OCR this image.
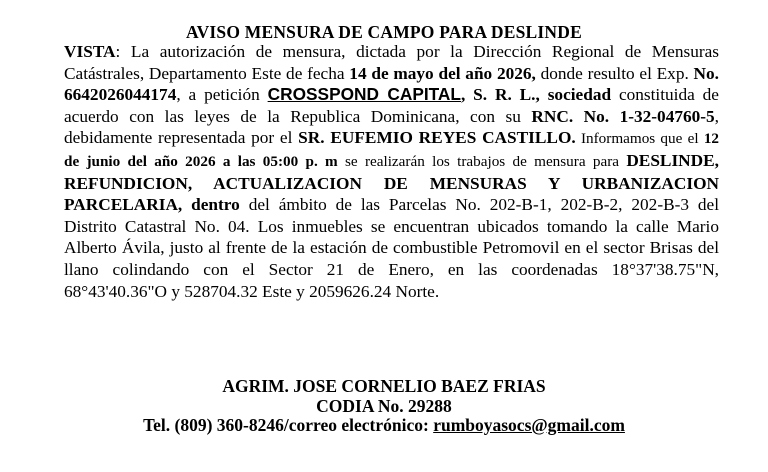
AVISO MENSURA DE CAMPO PARA DESLINDE
VISTA: La autorización de mensura, dictada por la Dirección Regional de Mensuras Catástrales, Departamento Este de fecha 14 de mayo del año 2026, donde resulto el Exp. No. 6642026044174, a petición CROSSPOND CAPITAL, S. R. L., sociedad constituida de acuerdo con las leyes de la Republica Dominicana, con su RNC. No. 1-32-04760-5, debidamente representada por el SR. EUFEMIO REYES CASTILLO. Informamos que el 12 de junio del año 2026 a las 05:00 p. m se realizarán los trabajos de mensura para DESLINDE, REFUNDICION, ACTUALIZACION DE MENSURAS Y URBANIZACION PARCELARIA, dentro del ámbito de las Parcelas No. 202-B-1, 202-B-2, 202-B-3 del Distrito Catastral No. 04. Los inmuebles se encuentran ubicados tomando la calle Mario Alberto Ávila, justo al frente de la estación de combustible Petromovil en el sector Brisas del llano colindando con el Sector 21 de Enero, en las coordenadas 18°37'38.75"N, 68°43'40.36"O y 528704.32 Este y 2059626.24 Norte.
AGRIM. JOSE CORNELIO BAEZ FRIAS
CODIA No. 29288
Tel. (809) 360-8246/correo electrónico: rumboyasocs@gmail.com
